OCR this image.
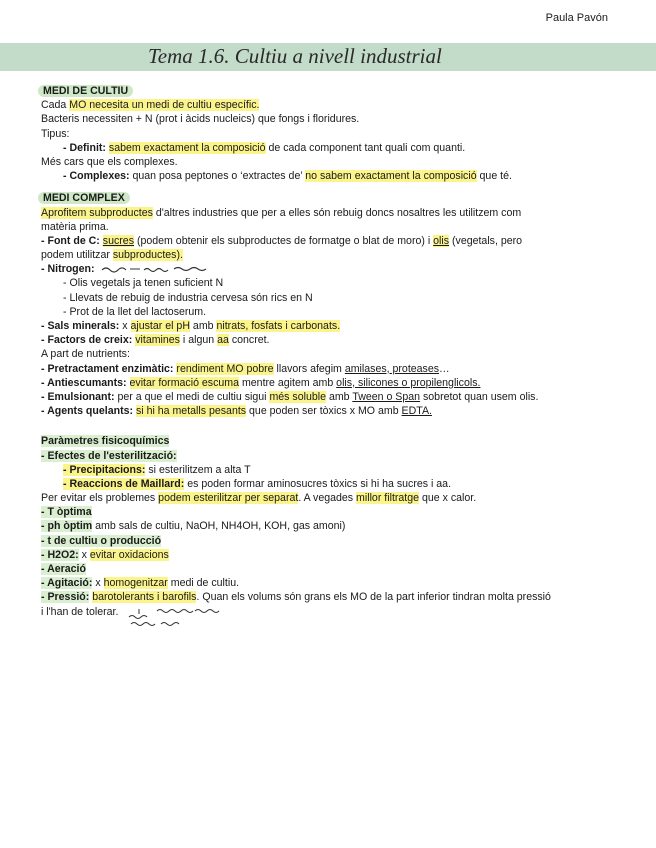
Paula Pavón
Tema 1.6. Cultiu a nivell industrial
MEDI DE CULTIU
Cada MO necesita un medi de cultiu específic.
Bacteris necessiten + N (prot i àcids nucleics) que fongs i floridures.
Tipus:
- Definit: sabem exactament la composició de cada component tant quali com quanti.
Més cars que els complexes.
- Complexes: quan posa peptones o ‘extractes de’ no sabem exactament la composició que té.
MEDI COMPLEX
Aprofitem subproductes d'altres industries que per a elles són rebuig doncs nosaltres les utilitzem com
matèria prima.
- Font de C: sucres (podem obtenir els subproductes de formatge o blat de moro) i olis (vegetals, pero
podem utilitzar subproductes).
- Nitrogen:
- Olis vegetals ja tenen suficient N
- Llevats de rebuig de industria cervesa són rics en N
- Prot de la llet del lactoserum.
- Sals minerals: x ajustar el pH amb nitrats, fosfats i carbonats.
- Factors de creix: vitamines i algun aa concret.
A part de nutrients:
- Pretractament enzimàtic: rendiment MO pobre llavors afegim amilases, proteases…
- Antiescumants: evitar formació escuma mentre agitem amb olis, silicones o propilenglicols.
- Emulsionant: per a que el medi de cultiu sigui més soluble amb Tween o Span sobretot quan usem olis.
- Agents quelants: si hi ha metalls pesants que poden ser tòxics x MO amb EDTA.
Paràmetres fisicoquímics
- Efectes de l'esterilització:
- Precipitacions: si esterilitzem a alta T
- Reaccions de Maillard: es poden formar aminosucres tòxics si hi ha sucres i aa.
Per evitar els problemes podem esterilitzar per separat. A vegades millor filtratge que x calor.
- T òptima
- ph òptim amb sals de cultiu, NaOH, NH4OH, KOH, gas amoni)
- t de cultiu o producció
- H2O2: x evitar oxidacions
- Aeració
- Agitació: x homogenitzar medi de cultiu.
- Pressió: barotolerants i barofils. Quan els volums són grans els MO de la part inferior tindran molta pressió
i l'han de tolerar.
